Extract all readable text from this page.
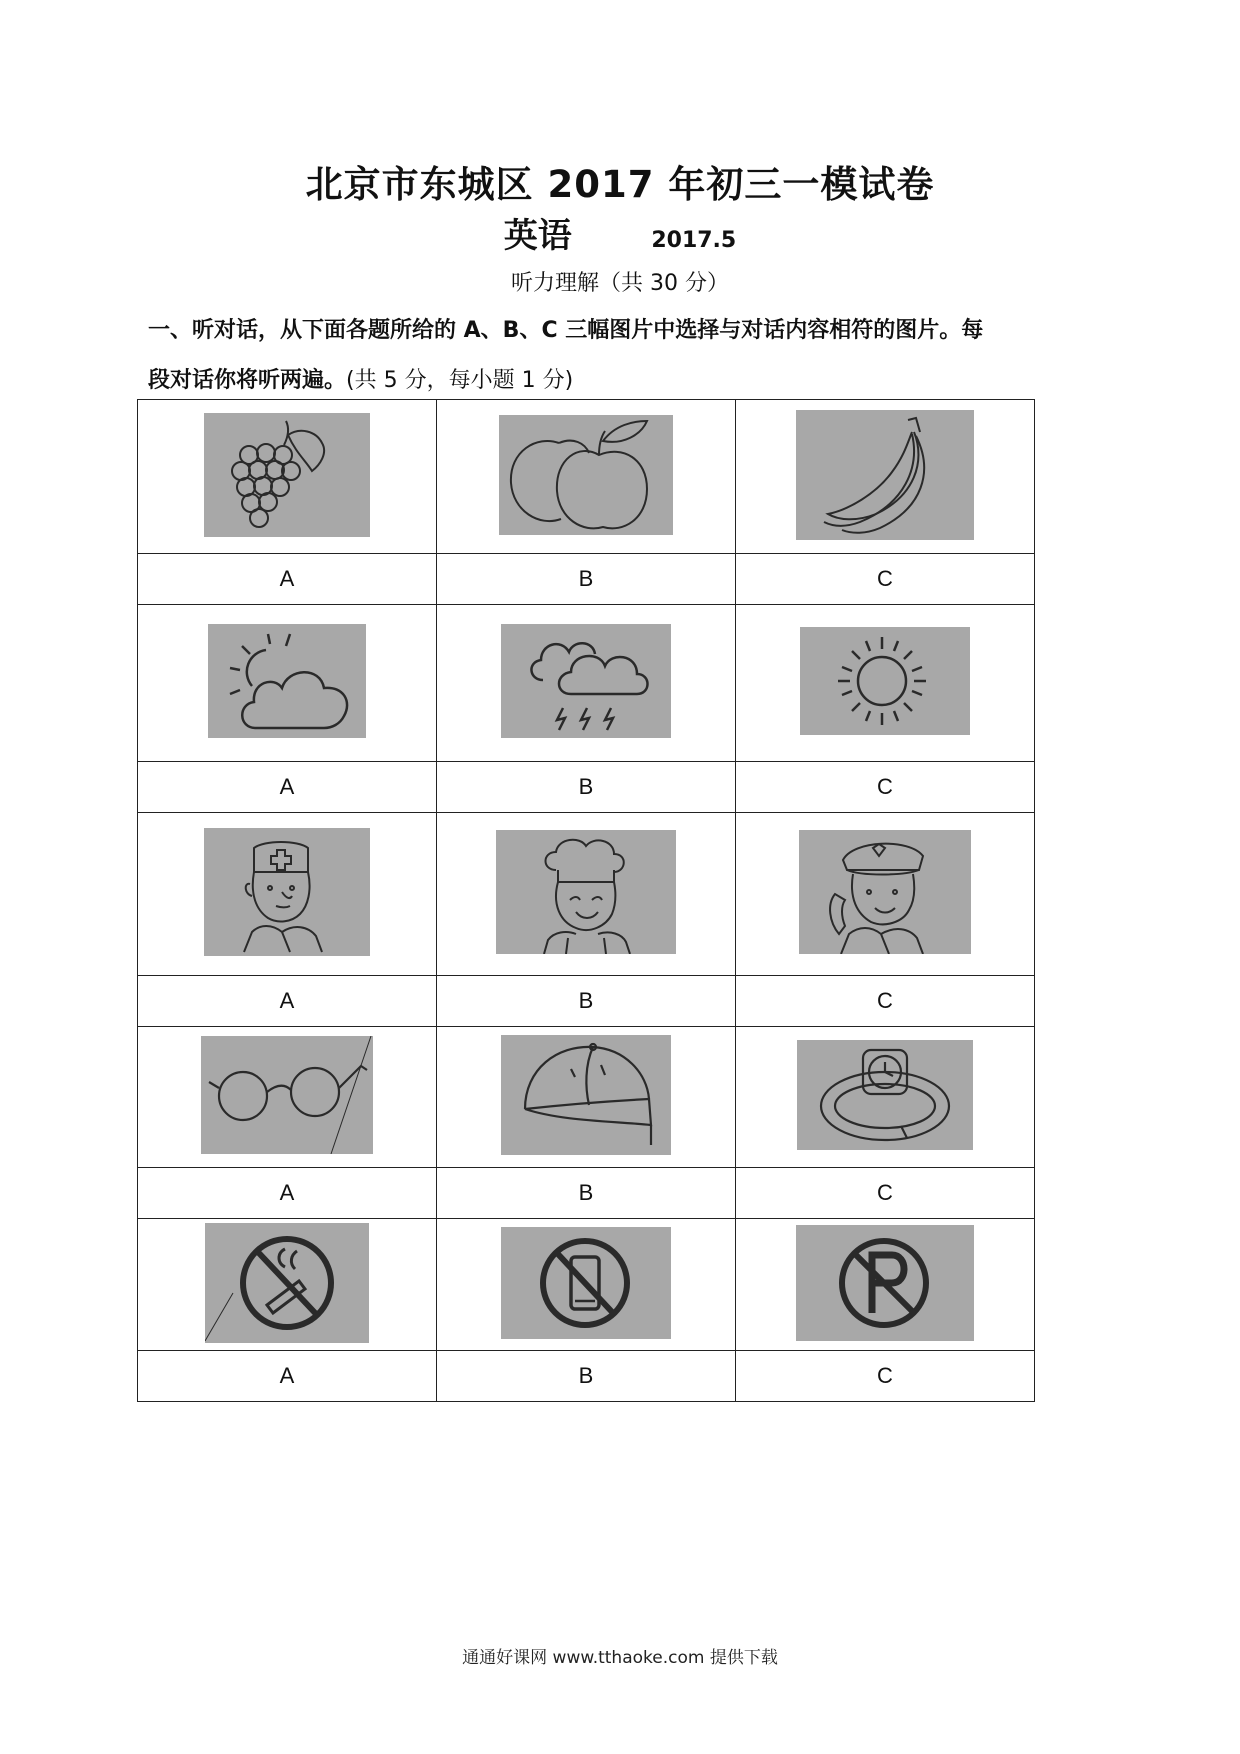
北京市东城区 2017 年初三一模试卷
英语	2017.5
听力理解（共 30 分）
一、听对话，从下面各题所给的 A、B、C 三幅图片中选择与对话内容相符的图片。每
段对话你将听两遍。(共 5 分，每小题 1 分)

A	B	C

A	B	C

A	B	C

A	B	C

A	B	C
通通好课网 www.tthaoke.com 提供下载
